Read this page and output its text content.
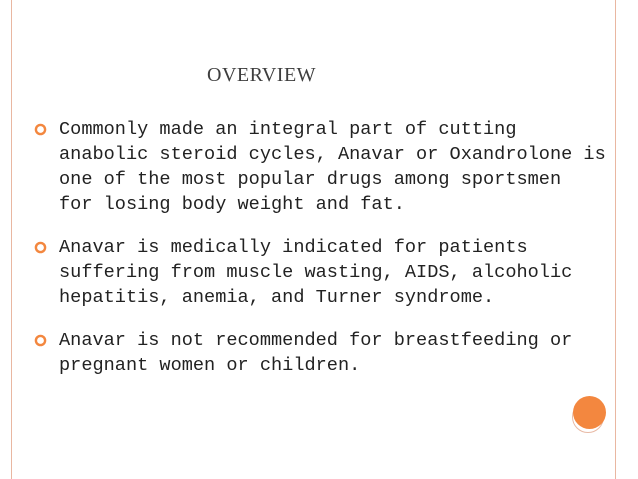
OVERVIEW
Commonly made an integral part of cutting
anabolic steroid cycles, Anavar or Oxandrolone is
one of the most popular drugs among sportsmen
for losing body weight and fat.
Anavar is medically indicated for patients
suffering from muscle wasting, AIDS, alcoholic
hepatitis, anemia, and Turner syndrome.
Anavar is not recommended for breastfeeding or
pregnant women or children.
